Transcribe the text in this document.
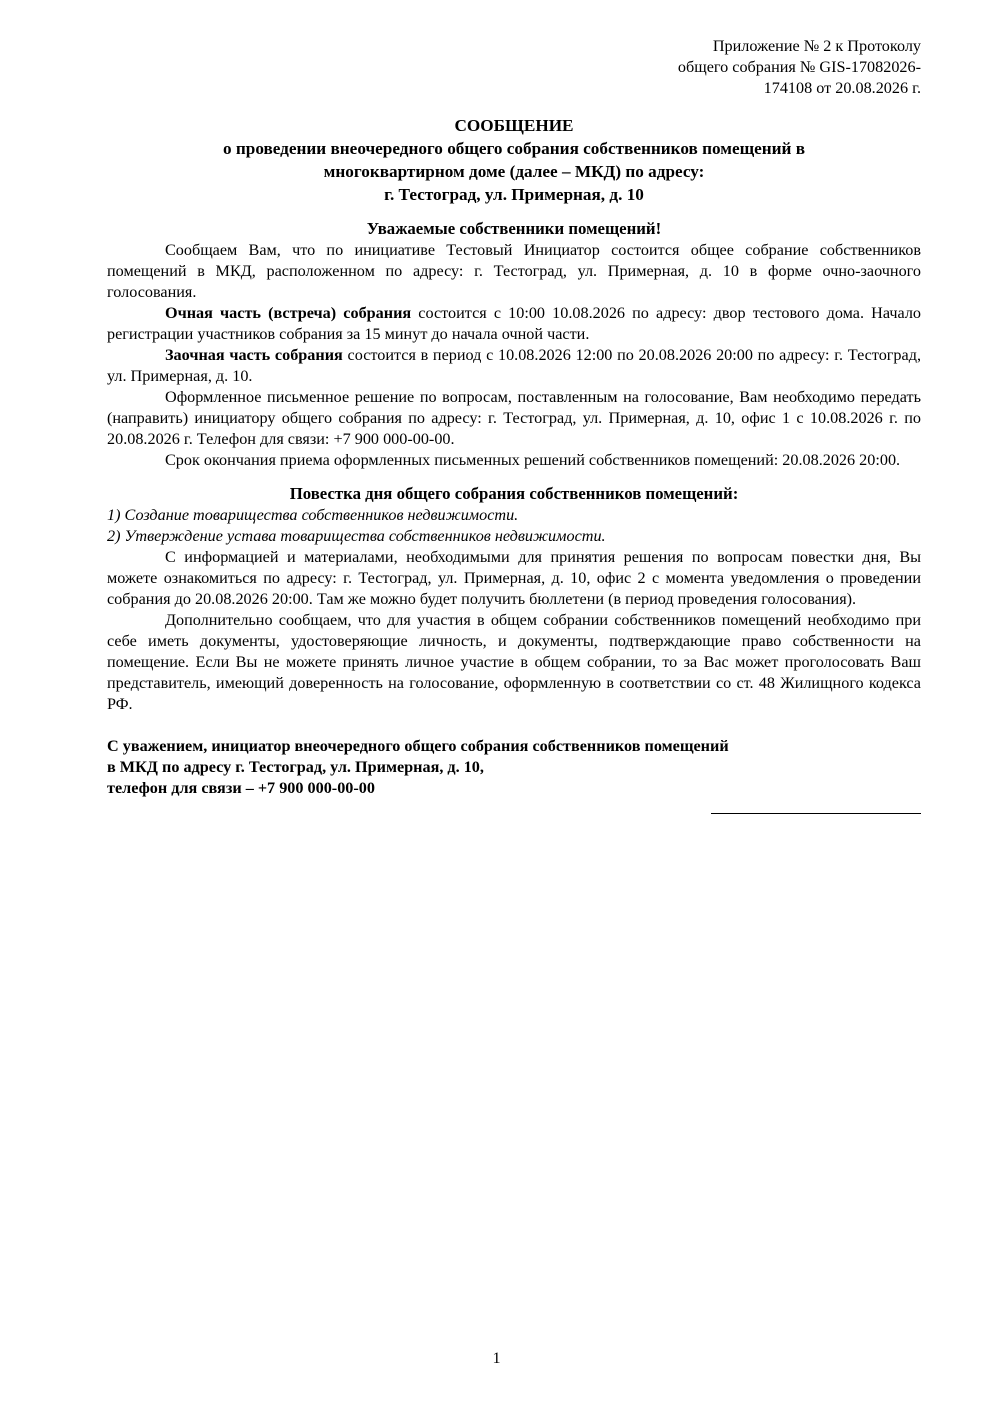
Приложение № 2 к Протоколу
общего собрания № GIS-17082026-
174108 от 20.08.2026 г.
СООБЩЕНИЕ
о проведении внеочередного общего собрания собственников помещений в
многоквартирном доме (далее – МКД) по адресу:
г. Тестоград, ул. Примерная, д. 10
Уважаемые собственники помещений!

Сообщаем Вам, что по инициативе Тестовый Инициатор состоится общее собрание собственников помещений в МКД, расположенном по адресу: г. Тестоград, ул. Примерная, д. 10 в форме очно-заочного голосования.

Очная часть (встреча) собрания состоится с 10:00 10.08.2026 по адресу: двор тестового дома. Начало регистрации участников собрания за 15 минут до начала очной части.

Заочная часть собрания состоится в период с 10.08.2026 12:00 по 20.08.2026 20:00 по адресу: г. Тестоград, ул. Примерная, д. 10.

Оформленное письменное решение по вопросам, поставленным на голосование, Вам необходимо передать (направить) инициатору общего собрания по адресу: г. Тестоград, ул. Примерная, д. 10, офис 1 с 10.08.2026 г. по 20.08.2026 г. Телефон для связи: +7 900 000-00-00.

Срок окончания приема оформленных письменных решений собственников помещений: 20.08.2026 20:00.

Повестка дня общего собрания собственников помещений:

1) Создание товарищества собственников недвижимости.

2) Утверждение устава товарищества собственников недвижимости.

С информацией и материалами, необходимыми для принятия решения по вопросам повестки дня, Вы можете ознакомиться по адресу: г. Тестоград, ул. Примерная, д. 10, офис 2 с момента уведомления о проведении собрания до 20.08.2026 20:00. Там же можно будет получить бюллетени (в период проведения голосования).

Дополнительно сообщаем, что для участия в общем собрании собственников помещений необходимо при себе иметь документы, удостоверяющие личность, и документы, подтверждающие право собственности на помещение. Если Вы не можете принять личное участие в общем собрании, то за Вас может проголосовать Ваш представитель, имеющий доверенность на голосование, оформленную в соответствии со ст. 48 Жилищного кодекса РФ.

С уважением, инициатор внеочередного общего собрания собственников помещений
в МКД по адресу г. Тестоград, ул. Примерная, д. 10,
телефон для связи – +7 900 000-00-00
1
